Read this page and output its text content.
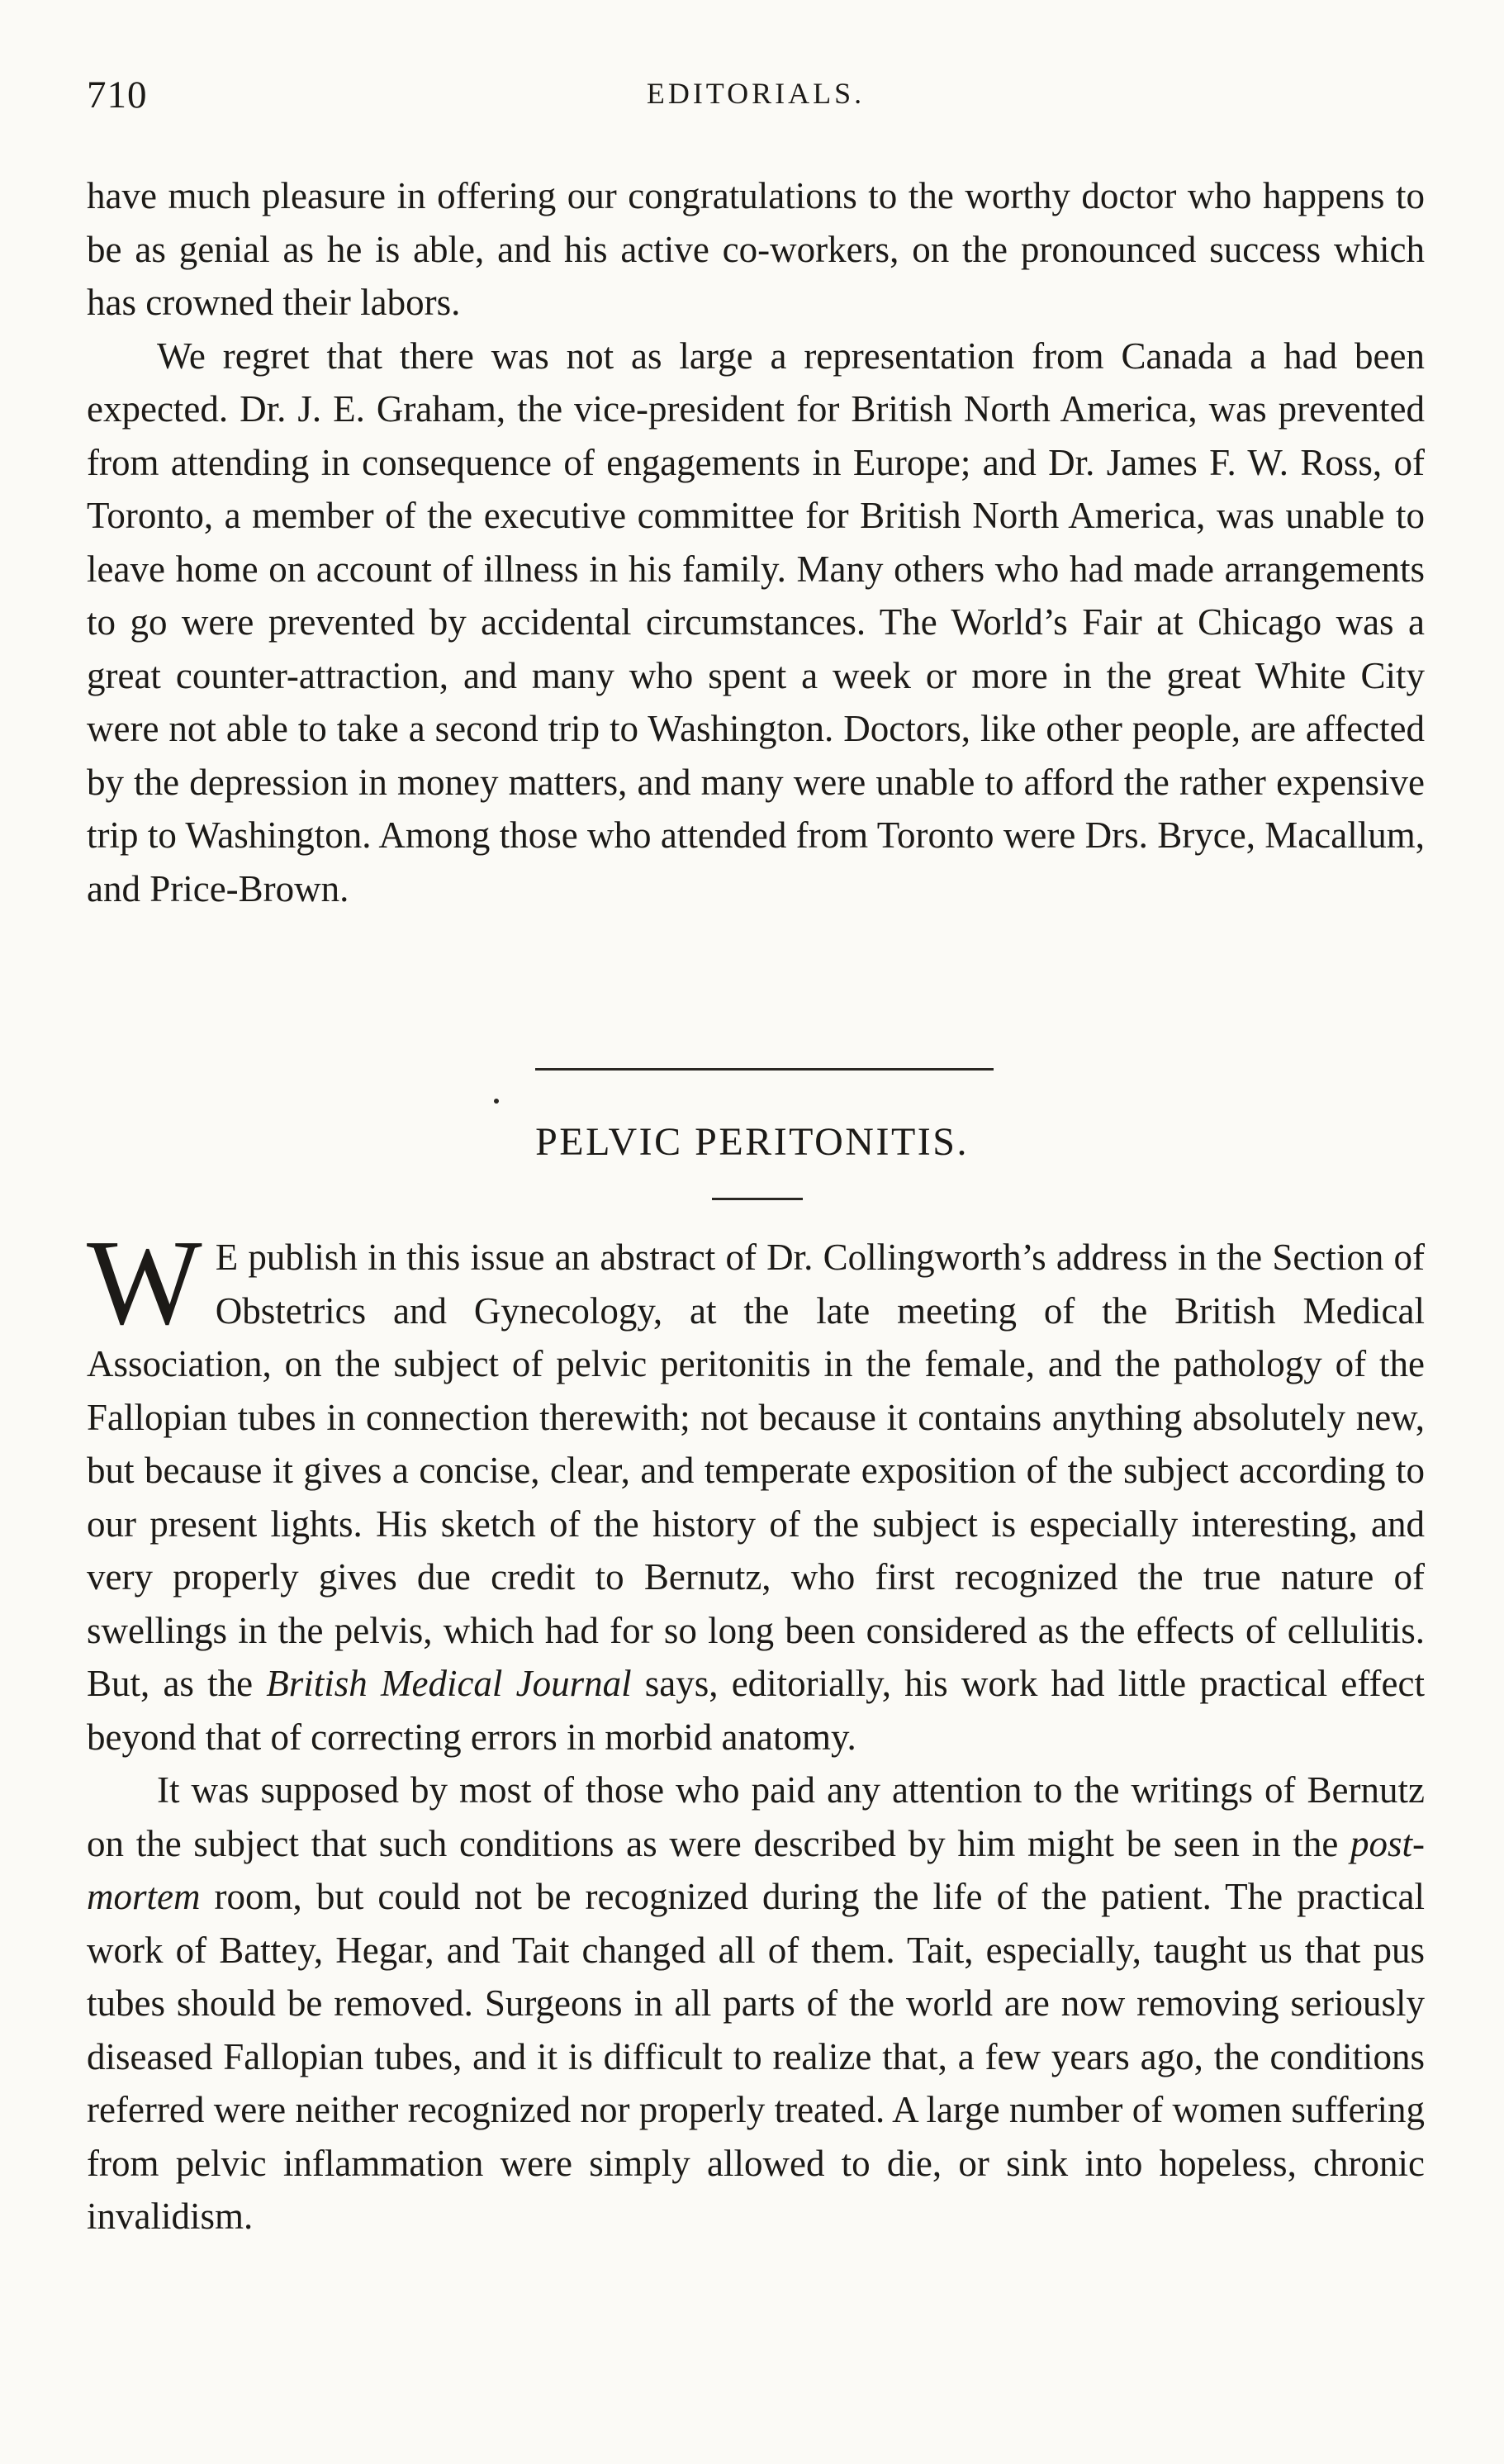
710	EDITORIALS.

have much pleasure in offering our congratulations to the worthy doctor who happens to be as genial as he is able, and his active co-workers, on the pronounced success which has crowned their labors.

We regret that there was not as large a representation from Canada a had been expected. Dr. J. E. Graham, the vice-president for British North America, was prevented from attending in consequence of engagements in Europe; and Dr. James F. W. Ross, of Toronto, a member of the executive committee for British North America, was unable to leave home on account of illness in his family. Many others who had made arrangements to go were prevented by accidental circumstances. The World’s Fair at Chicago was a great counter-attraction, and many who spent a week or more in the great White City were not able to take a second trip to Washington. Doctors, like other people, are affected by the depression in money matters, and many were unable to afford the rather expensive trip to Washington. Among those who attended from Toronto were Drs. Bryce, Macallum, and Price-Brown.

PELVIC PERITONITIS.

W E publish in this issue an abstract of Dr. Collingworth’s address in the Section of Obstetrics and Gynecology, at the late meeting of the British Medical Association, on the subject of pelvic peritonitis in the female, and the pathology of the Fallopian tubes in connection therewith; not because it contains anything absolutely new, but because it gives a concise, clear, and temperate exposition of the subject according to our present lights. His sketch of the history of the subject is especially interesting, and very properly gives due credit to Bernutz, who first recognized the true nature of swellings in the pelvis, which had for so long been considered as the effects of cellulitis. But, as the British Medical Journal says, editorially, his work had little practical effect beyond that of correcting errors in morbid anatomy.

It was supposed by most of those who paid any attention to the writings of Bernutz on the subject that such conditions as were described by him might be seen in the post-mortem room, but could not be recognized during the life of the patient. The practical work of Battey, Hegar, and Tait changed all of them. Tait, especially, taught us that pus tubes should be removed. Surgeons in all parts of the world are now removing seriously diseased Fallopian tubes, and it is difficult to realize that, a few years ago, the conditions referred were neither recognized nor properly treated. A large number of women suffering from pelvic inflammation were simply allowed to die, or sink into hopeless, chronic invalidism.
